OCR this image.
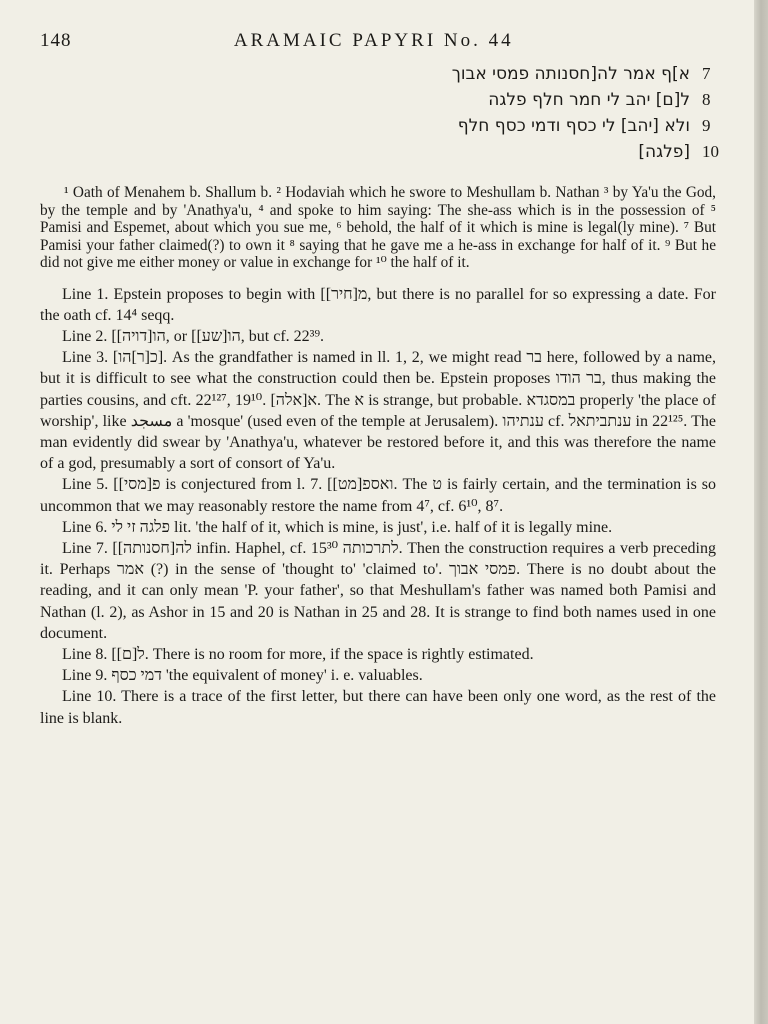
148	ARAMAIC PAPYRI No. 44
א]ף אמר לה[חסנותה פמסי אבוך 7
ל[ם] יהב לי חמר חלף פלגה 8
ולא [יהב] לי כסף ודמי כסף חלף 9
[פלגה] 10
¹ Oath of Menahem b. Shallum b. ² Hodaviah which he swore to Meshullam b. Nathan ³ by Ya'u the God, by the temple and by 'Anathya'u, ⁴ and spoke to him saying: The she-ass which is in the possession of ⁵ Pamisi and Espemet, about which you sue me, ⁶ behold, the half of it which is mine is legal(ly mine). ⁷ But Pamisi your father claimed(?) to own it ⁸ saying that he gave me a he-ass in exchange for half of it. ⁹ But he did not give me either money or value in exchange for ¹⁰ the half of it.

Line 1. Epstein proposes to begin with [מ[חיר], but there is no parallel for so expressing a date. For the oath cf. 14⁴ seqq.

Line 2. [הו[דויה], or [הו[שע], but cf. 22³⁹.

Line 3. [כ[ר]הו]. As the grandfather is named in ll. 1, 2, we might read בר here, followed by a name, but it is difficult to see what the construction could then be. Epstein proposes בר הודו, thus making the parties cousins, and cft. 22¹²⁷, 19¹⁰. א[אלה]. The א is strange, but probable. במסגדא properly 'the place of worship', like مسجد a 'mosque' (used even of the temple at Jerusalem). ענתיהו cf. ענתביתאל in 22¹²⁵. The man evidently did swear by 'Anathya'u, whatever be restored before it, and this was therefore the name of a god, presumably a sort of consort of Ya'u.

Line 5. [פ[מסי] is conjectured from l. 7. [ואספ[מט]. The ט is fairly certain, and the termination is so uncommon that we may reasonably restore the name from 4⁷, cf. 6¹⁰, 8⁷.

Line 6. פלגה זי לי lit. 'the half of it, which is mine, is just', i.e. half of it is legally mine.

Line 7. [לה[חסנותה] infin. Haphel, cf. 15³⁰ לתרכותה. Then the construction requires a verb preceding it. Perhaps אמר (?) in the sense of 'thought to' 'claimed to'. פמסי אבוך. There is no doubt about the reading, and it can only mean 'P. your father', so that Meshullam's father was named both Pamisi and Nathan (l. 2), as Ashor in 15 and 20 is Nathan in 25 and 28. It is strange to find both names used in one document.

Line 8. [ל[ם]. There is no room for more, if the space is rightly estimated.

Line 9. דמי כסף 'the equivalent of money' i. e. valuables.

Line 10. There is a trace of the first letter, but there can have been only one word, as the rest of the line is blank.
